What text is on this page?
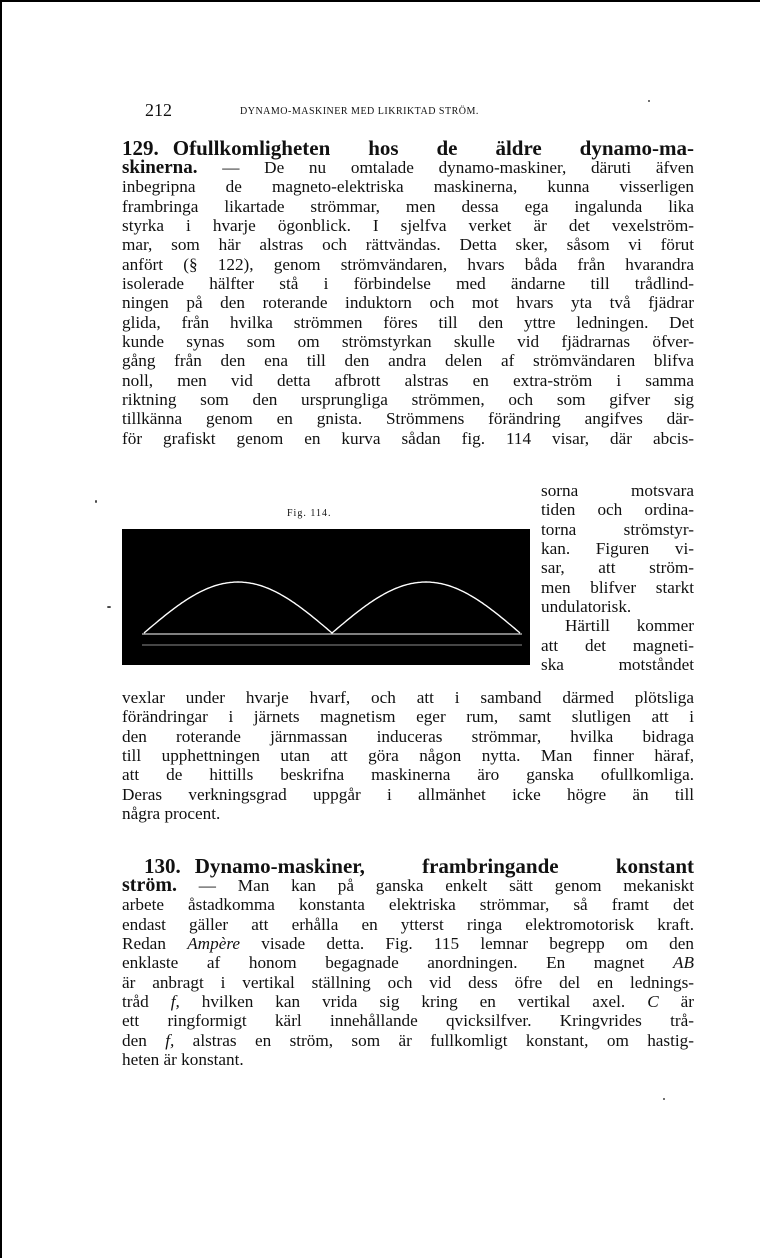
212	DYNAMO-MASKINER MED LIKRIKTAD STRÖM.
129. Ofullkomligheten hos de äldre dynamo-ma-
skinerna. — De nu omtalade dynamo-maskiner, däruti äfven
inbegripna de magneto-elektriska maskinerna, kunna visserligen
frambringa likartade strömmar, men dessa ega ingalunda lika
styrka i hvarje ögonblick. I sjelfva verket är det vexelström-
mar, som här alstras och rättvändas. Detta sker, såsom vi förut
anfört (§ 122), genom strömvändaren, hvars båda från hvarandra
isolerade hälfter stå i förbindelse med ändarne till trådlind-
ningen på den roterande induktorn och mot hvars yta två fjädrar
glida, från hvilka strömmen föres till den yttre ledningen. Det
kunde synas som om strömstyrkan skulle vid fjädrarnas öfver-
gång från den ena till den andra delen af strömvändaren blifva
noll, men vid detta afbrott alstras en extra-ström i samma
riktning som den ursprungliga strömmen, och som gifver sig
tillkänna genom en gnista. Strömmens förändring angifves där-
för grafiskt genom en kurva sådan fig. 114 visar, där abcis-
Fig. 114.
sorna motsvara
tiden och ordina-
torna strömstyr-
kan. Figuren vi-
sar, att ström-
men blifver starkt
undulatorisk.
Härtill kommer
att det magneti-
ska motståndet
vexlar under hvarje hvarf, och att i samband därmed plötsliga
förändringar i järnets magnetism eger rum, samt slutligen att i
den roterande järnmassan induceras strömmar, hvilka bidraga
till upphettningen utan att göra någon nytta. Man finner häraf,
att de hittills beskrifna maskinerna äro ganska ofullkomliga.
Deras verkningsgrad uppgår i allmänhet icke högre än till
några procent.
130. Dynamo-maskiner, frambringande konstant
ström. — Man kan på ganska enkelt sätt genom mekaniskt
arbete åstadkomma konstanta elektriska strömmar, så framt det
endast gäller att erhålla en ytterst ringa elektromotorisk kraft.
Redan Ampère visade detta. Fig. 115 lemnar begrepp om den
enklaste af honom begagnade anordningen. En magnet AB
är anbragt i vertikal ställning och vid dess öfre del en lednings-
tråd f, hvilken kan vrida sig kring en vertikal axel. C är
ett ringformigt kärl innehållande qvicksilfver. Kringvrides trå-
den f, alstras en ström, som är fullkomligt konstant, om hastig-
heten är konstant.
